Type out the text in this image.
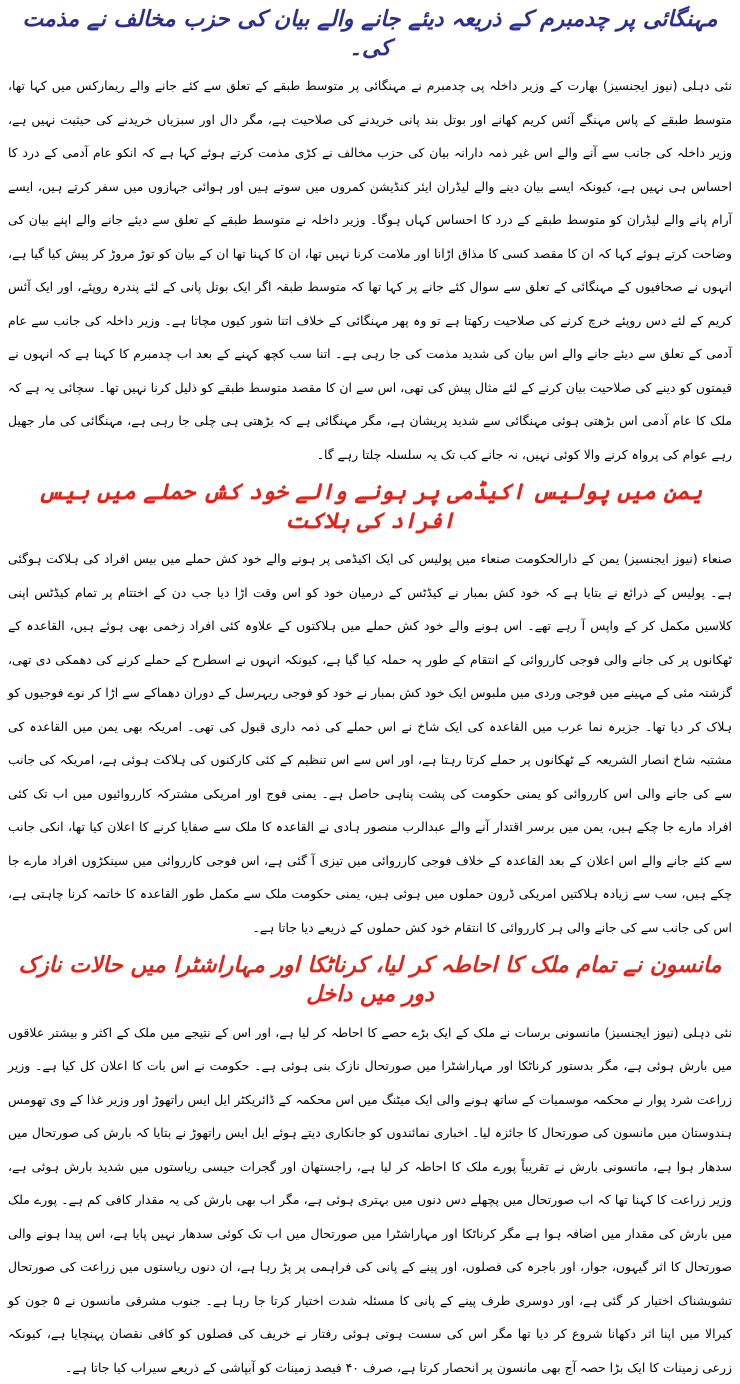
مہنگائی پر چدمبرم کے ذریعہ دیئے جانے والے بیان کی حزب مخالف نے مذمت کی۔

نئی دہلی (نیوز ایجنسیز) بھارت کے وزیر داخلہ پی چدمبرم نے مہنگائی پر متوسط طبقے کے تعلق سے کئے جانے والے ریمارکس میں کہا تھا، متوسط طبقے کے پاس مہنگے آئس کریم کھانے اور بوتل بند پانی خریدنے کی صلاحیت ہے، مگر دال اور سبزیاں خریدنے کی حیثیت نہیں ہے، وزیر داخلہ کی جانب سے آنے والے اس غیر ذمہ دارانہ بیان کی حزب مخالف نے کڑی مذمت کرتے ہوئے کہا ہے کہ انکو عام آدمی کے درد کا احساس ہی نہیں ہے، کیونکہ ایسے بیان دینے والے لیڈران ایئر کنڈیشن کمروں میں سوتے ہیں اور ہوائی جہازوں میں سفر کرتے ہیں، ایسے آرام پانے والے لیڈران کو متوسط طبقے کے درد کا احساس کہاں ہوگا۔ وزیر داخلہ نے متوسط طبقے کے تعلق سے دیئے جانے والے اپنے بیان کی وضاحت کرتے ہوئے کہا کہ ان کا مقصد کسی کا مذاق اڑانا اور ملامت کرنا نہیں تھا، ان کا کہنا تھا ان کے بیان کو توڑ مروڑ کر پیش کیا گیا ہے، انہوں نے صحافیوں کے مہنگائی کے تعلق سے سوال کئے جانے پر کہا تھا کہ متوسط طبقہ اگر ایک بوتل پانی کے لئے پندرہ روپئے، اور ایک آئس کریم کے لئے دس روپئے خرچ کرنے کی صلاحیت رکھتا ہے تو وہ پھر مہنگائی کے خلاف اتنا شور کیوں مچاتا ہے۔ وزیر داخلہ کی جانب سے عام آدمی کے تعلق سے دیئے جانے والے اس بیان کی شدید مذمت کی جا رہی ہے۔ اتنا سب کچھ کہنے کے بعد اب چدمبرم کا کہنا ہے کہ انہوں نے قیمتوں کو دینے کی صلاحیت بیان کرنے کے لئے مثال پیش کی تھی، اس سے ان کا مقصد متوسط طبقے کو ذلیل کرنا نہیں تھا۔ سچائی یہ ہے کہ ملک کا عام آدمی اس بڑھتی ہوئی مہنگائی سے شدید پریشان ہے، مگر مہنگائی ہے کہ بڑھتی ہی چلی جا رہی ہے، مہنگائی کی مار جھیل رہے عوام کی پرواہ کرنے والا کوئی نہیں، نہ جانے کب تک یہ سلسلہ چلتا رہے گا۔

یمن میں پولیس اکیڈمی پر ہونے والے خود کش حملے میں بیس افراد کی ہلاکت

صنعاء (نیوز ایجنسیز) یمن کے دارالحکومت صنعاء میں پولیس کی ایک اکیڈمی پر ہونے والے خود کش حملے میں بیس افراد کی ہلاکت ہوگئی ہے۔ پولیس کے ذرائع نے بتایا ہے کہ خود کش بمبار نے کیڈٹس کے درمیان خود کو اس وقت اڑا دیا جب دن کے اختتام پر تمام کیڈٹس اپنی کلاسیں مکمل کر کے واپس آ رہے تھے۔ اس ہونے والے خود کش حملے میں ہلاکتوں کے علاوہ کئی افراد زخمی بھی ہوئے ہیں، القاعدہ کے ٹھکانوں پر کی جانے والی فوجی کارروائی کے انتقام کے طور پہ حملہ کیا گیا ہے، کیونکہ انہوں نے اسطرح کے حملے کرنے کی دھمکی دی تھی، گزشتہ مئی کے مہینے میں فوجی وردی میں ملبوس ایک خود کش بمبار نے خود کو فوجی ریہرسل کے دوران دھماکے سے اڑا کر نوے فوجیوں کو ہلاک کر دیا تھا۔ جزیرہ نما عرب میں القاعدہ کی ایک شاخ نے اس حملے کی ذمہ داری قبول کی تھی۔ امریکہ بھی یمن میں القاعدہ کی مشتبہ شاخ انصار الشریعہ کے ٹھکانوں پر حملے کرتا رہتا ہے، اور اس سے اس تنظیم کے کئی کارکنوں کی ہلاکت ہوئی ہے، امریکہ کی جانب سے کی جانے والی اس کارروائی کو یمنی حکومت کی پشت پناہی حاصل ہے۔ یمنی فوج اور امریکی مشترکہ کارروائیوں میں اب تک کئی افراد مارے جا چکے ہیں، یمن میں برسر اقتدار آنے والے عبدالرب منصور ہادی نے القاعدہ کا ملک سے صفایا کرنے کا اعلان کیا تھا، انکی جانب سے کئے جانے والے اس اعلان کے بعد القاعدہ کے خلاف فوجی کارروائی میں تیزی آ گئی ہے، اس فوجی کارروائی میں سینکڑوں افراد مارے جا چکے ہیں، سب سے زیادہ ہلاکتیں امریکی ڈرون حملوں میں ہوئی ہیں، یمنی حکومت ملک سے مکمل طور القاعدہ کا خاتمہ کرنا چاہتی ہے، اس کی جانب سے کی جانے والی ہر کارروائی کا انتقام خود کش حملوں کے ذریعے دیا جاتا ہے۔

مانسون نے تمام ملک کا احاطہ کر لیا، کرناٹکا اور مہاراشٹرا میں حالات نازک دور میں داخل

نئی دہلی (نیوز ایجنسیز) مانسونی برسات نے ملک کے ایک بڑے حصے کا احاطہ کر لیا ہے، اور اس کے نتیجے میں ملک کے اکثر و بیشتر علاقوں میں بارش ہوئی ہے، مگر بدستور کرناٹکا اور مہاراشٹرا میں صورتحال نازک بنی ہوئی ہے۔ حکومت نے اس بات کا اعلان کل کیا ہے۔ وزیر زراعت شرد پوار نے محکمہ موسمیات کے ساتھ ہونے والی ایک میٹنگ میں اس محکمہ کے ڈائریکٹر ایل ایس راتھوڑ اور وزیر غذا کے وی تھومس ہندوستان میں مانسون کی صورتحال کا جائزہ لیا۔ اخباری نمائندوں کو جانکاری دیتے ہوئے ایل ایس راتھوڑ نے بتایا کہ بارش کی صورتحال میں سدھار ہوا ہے، مانسونی بارش نے تقریباً پورے ملک کا احاطہ کر لیا ہے، راجستھان اور گجرات جیسی ریاستوں میں شدید بارش ہوئی ہے، وزیر زراعت کا کہنا تھا کہ اب صورتحال میں پچھلے دس دنوں میں بہتری ہوئی ہے، مگر اب بھی بارش کی یہ مقدار کافی کم ہے۔ پورے ملک میں بارش کی مقدار میں اضافہ ہوا ہے مگر کرناٹکا اور مہاراشٹرا میں صورتحال میں اب تک کوئی سدھار نہیں پایا ہے، اس پیدا ہونے والی صورتحال کا اثر گیہوں، جوار، اور باجرہ کی فصلوں، اور پینے کے پانی کی فراہمی پر پڑ رہا ہے، ان دنوں ریاستوں میں زراعت کی صورتحال تشویشناک اختیار کر گئی ہے، اور دوسری طرف پینے کے پانی کا مسئلہ شدت اختیار کرتا جا رہا ہے۔ جنوب مشرقی مانسون نے ۵ جون کو کیرالا میں اپنا اثر دکھانا شروع کر دیا تھا مگر اس کی سست ہوتی ہوئی رفتار نے خریف کی فصلوں کو کافی نقصان پہنچایا ہے، کیونکہ زرعی زمینات کا ایک بڑا حصہ آج بھی مانسون پر انحصار کرتا ہے، صرف ۴۰ فیصد زمینات کو آبپاشی کے ذریعے سیراب کیا جاتا ہے۔
